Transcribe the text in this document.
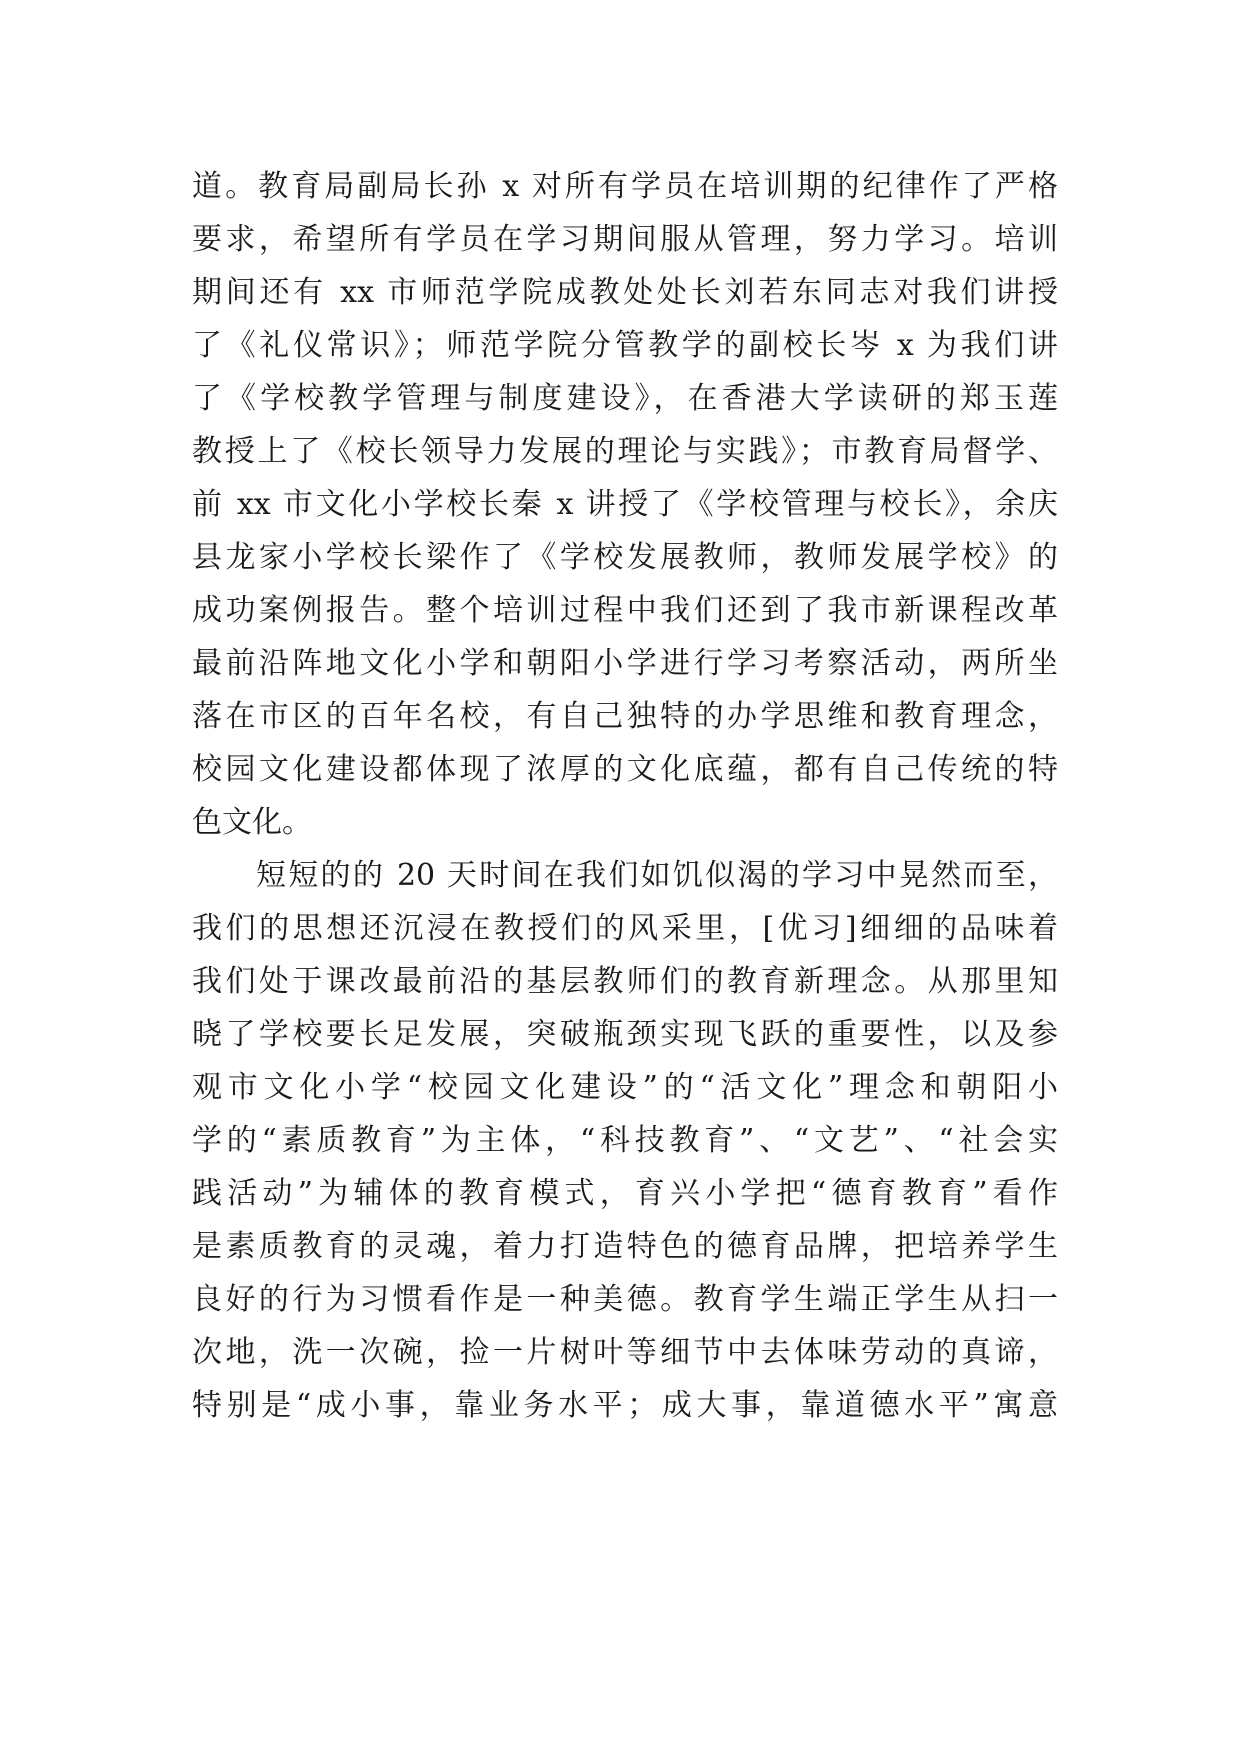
道。教育局副局长孙 x 对所有学员在培训期的纪律作了严格
要求，希望所有学员在学习期间服从管理，努力学习。培训
期间还有 xx 市师范学院成教处处长刘若东同志对我们讲授
了《礼仪常识》；师范学院分管教学的副校长岑 x 为我们讲
了《学校教学管理与制度建设》，在香港大学读研的郑玉莲
教授上了《校长领导力发展的理论与实践》；市教育局督学、
前 xx 市文化小学校长秦 x 讲授了《学校管理与校长》，余庆
县龙家小学校长梁作了《学校发展教师，教师发展学校》的
成功案例报告。整个培训过程中我们还到了我市新课程改革
最前沿阵地文化小学和朝阳小学进行学习考察活动，两所坐
落在市区的百年名校，有自己独特的办学思维和教育理念，
校园文化建设都体现了浓厚的文化底蕴，都有自己传统的特
色文化。
短短的的 20 天时间在我们如饥似渴的学习中晃然而至，
我们的思想还沉浸在教授们的风采里，[优习]细细的品味着
我们处于课改最前沿的基层教师们的教育新理念。从那里知
晓了学校要长足发展，突破瓶颈实现飞跃的重要性，以及参
观市文化小学“校园文化建设”的“活文化”理念和朝阳小
学的“素质教育”为主体，“科技教育”、“文艺”、“社会实
践活动”为辅体的教育模式，育兴小学把“德育教育”看作
是素质教育的灵魂，着力打造特色的德育品牌，把培养学生
良好的行为习惯看作是一种美德。教育学生端正学生从扫一
次地，洗一次碗，捡一片树叶等细节中去体味劳动的真谛，
特别是“成小事，靠业务水平；成大事，靠道德水平”寓意
